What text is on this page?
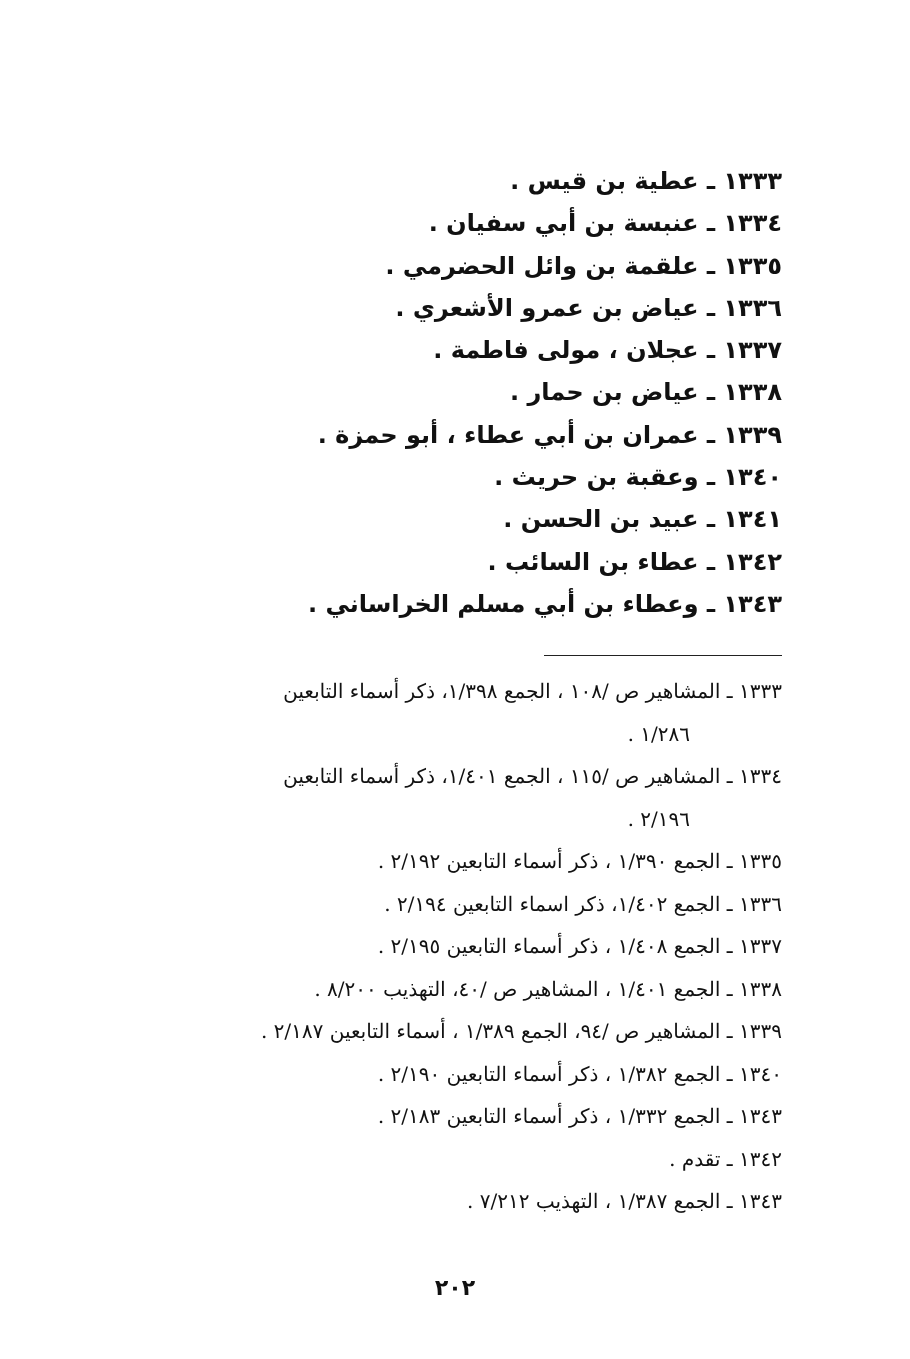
١٣٣٣ ـ عطية بن قيس .
١٣٣٤ ـ عنبسة بن أبي سفيان .
١٣٣٥ ـ علقمة بن وائل الحضرمي .
١٣٣٦ ـ عياض بن عمرو الأشعري .
١٣٣٧ ـ عجلان ، مولى فاطمة .
١٣٣٨ ـ عياض بن حمار .
١٣٣٩ ـ عمران بن أبي عطاء ، أبو حمزة .
١٣٤٠ ـ وعقبة بن حريث .
١٣٤١ ـ عبيد بن الحسن .
١٣٤٢ ـ عطاء بن السائب .
١٣٤٣ ـ وعطاء بن أبي مسلم الخراساني .
١٣٣٣ ـ المشاهير ص /١٠٨ ، الجمع ١/٣٩٨، ذكر أسماء التابعين
١/٢٨٦ .
١٣٣٤ ـ المشاهير ص /١١٥ ، الجمع ١/٤٠١، ذكر أسماء التابعين
٢/١٩٦ .
١٣٣٥ ـ الجمع ١/٣٩٠ ، ذكر أسماء التابعين ٢/١٩٢ .
١٣٣٦ ـ الجمع ١/٤٠٢، ذكر اسماء التابعين ٢/١٩٤ .
١٣٣٧ ـ الجمع ١/٤٠٨ ، ذكر أسماء التابعين ٢/١٩٥ .
١٣٣٨ ـ الجمع ١/٤٠١ ، المشاهير ص /٤٠، التهذيب ٨/٢٠٠ .
١٣٣٩ ـ المشاهير ص /٩٤، الجمع ١/٣٨٩ ، أسماء التابعين ٢/١٨٧ .
١٣٤٠ ـ الجمع ١/٣٨٢ ، ذكر أسماء التابعين ٢/١٩٠ .
١٣٤٣ ـ الجمع ١/٣٣٢ ، ذكر أسماء التابعين ٢/١٨٣ .
١٣٤٢ ـ تقدم .
١٣٤٣ ـ الجمع ١/٣٨٧ ، التهذيب ٧/٢١٢ .
٢٠٢
